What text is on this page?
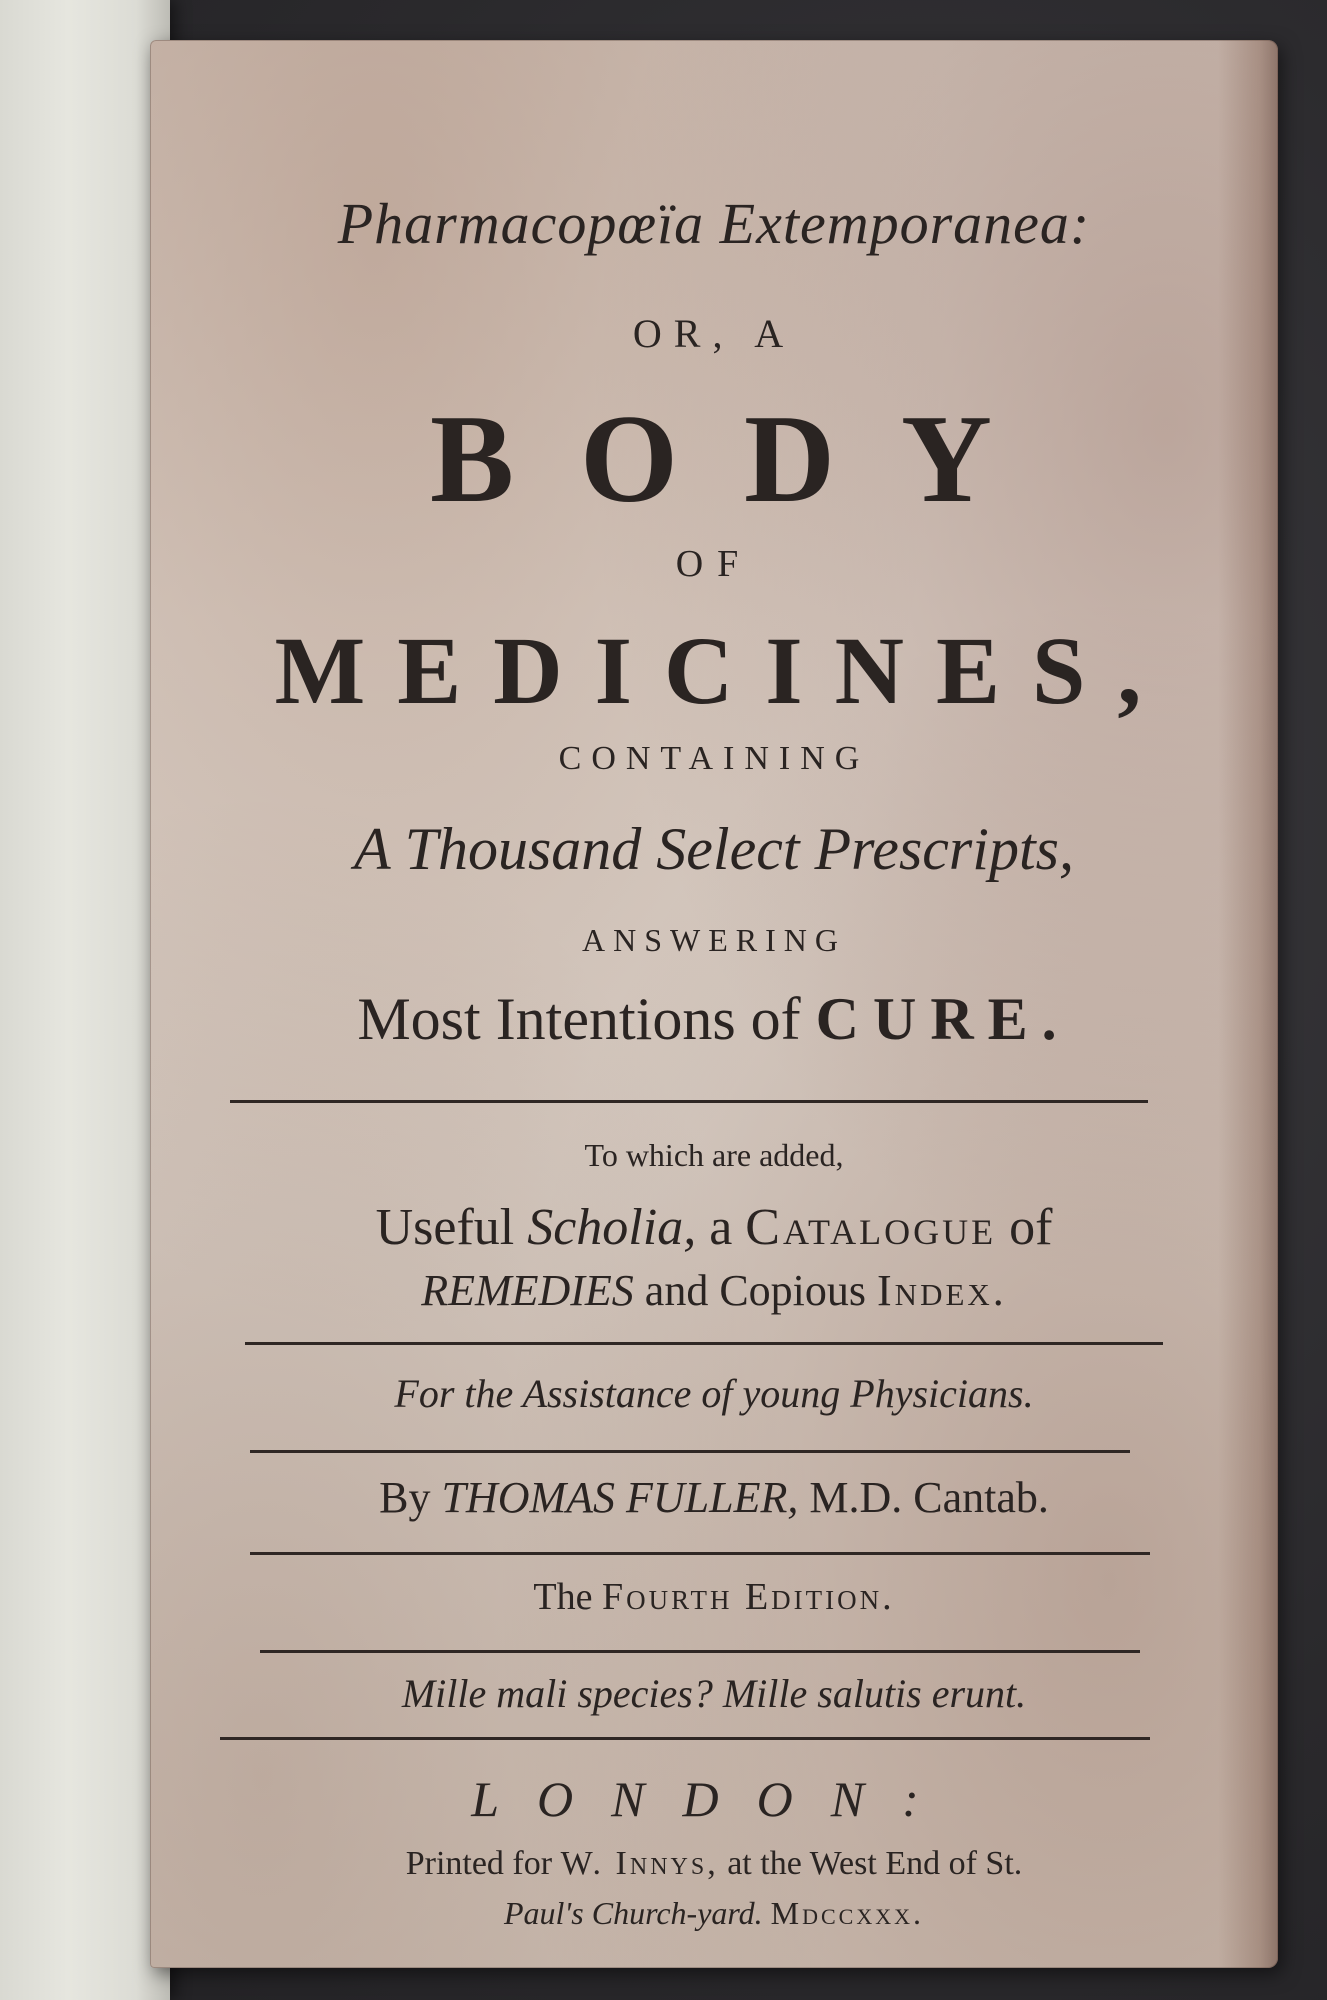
Pharmacopœïa Extemporanea:
OR, A
BODY
OF
MEDICINES,
CONTAINING
A Thousand Select Prescripts,
ANSWERING
Most Intentions of CURE.
To which are added,
Useful Scholia, a Catalogue of
REMEDIES and Copious Index.
For the Assistance of young Physicians.
By THOMAS FULLER, M.D. Cantab.
The Fourth Edition.
Mille mali species? Mille salutis erunt.
LONDON:
Printed for W. Innys, at the West End of St.
Paul's Church-yard. Mdccxxx.
